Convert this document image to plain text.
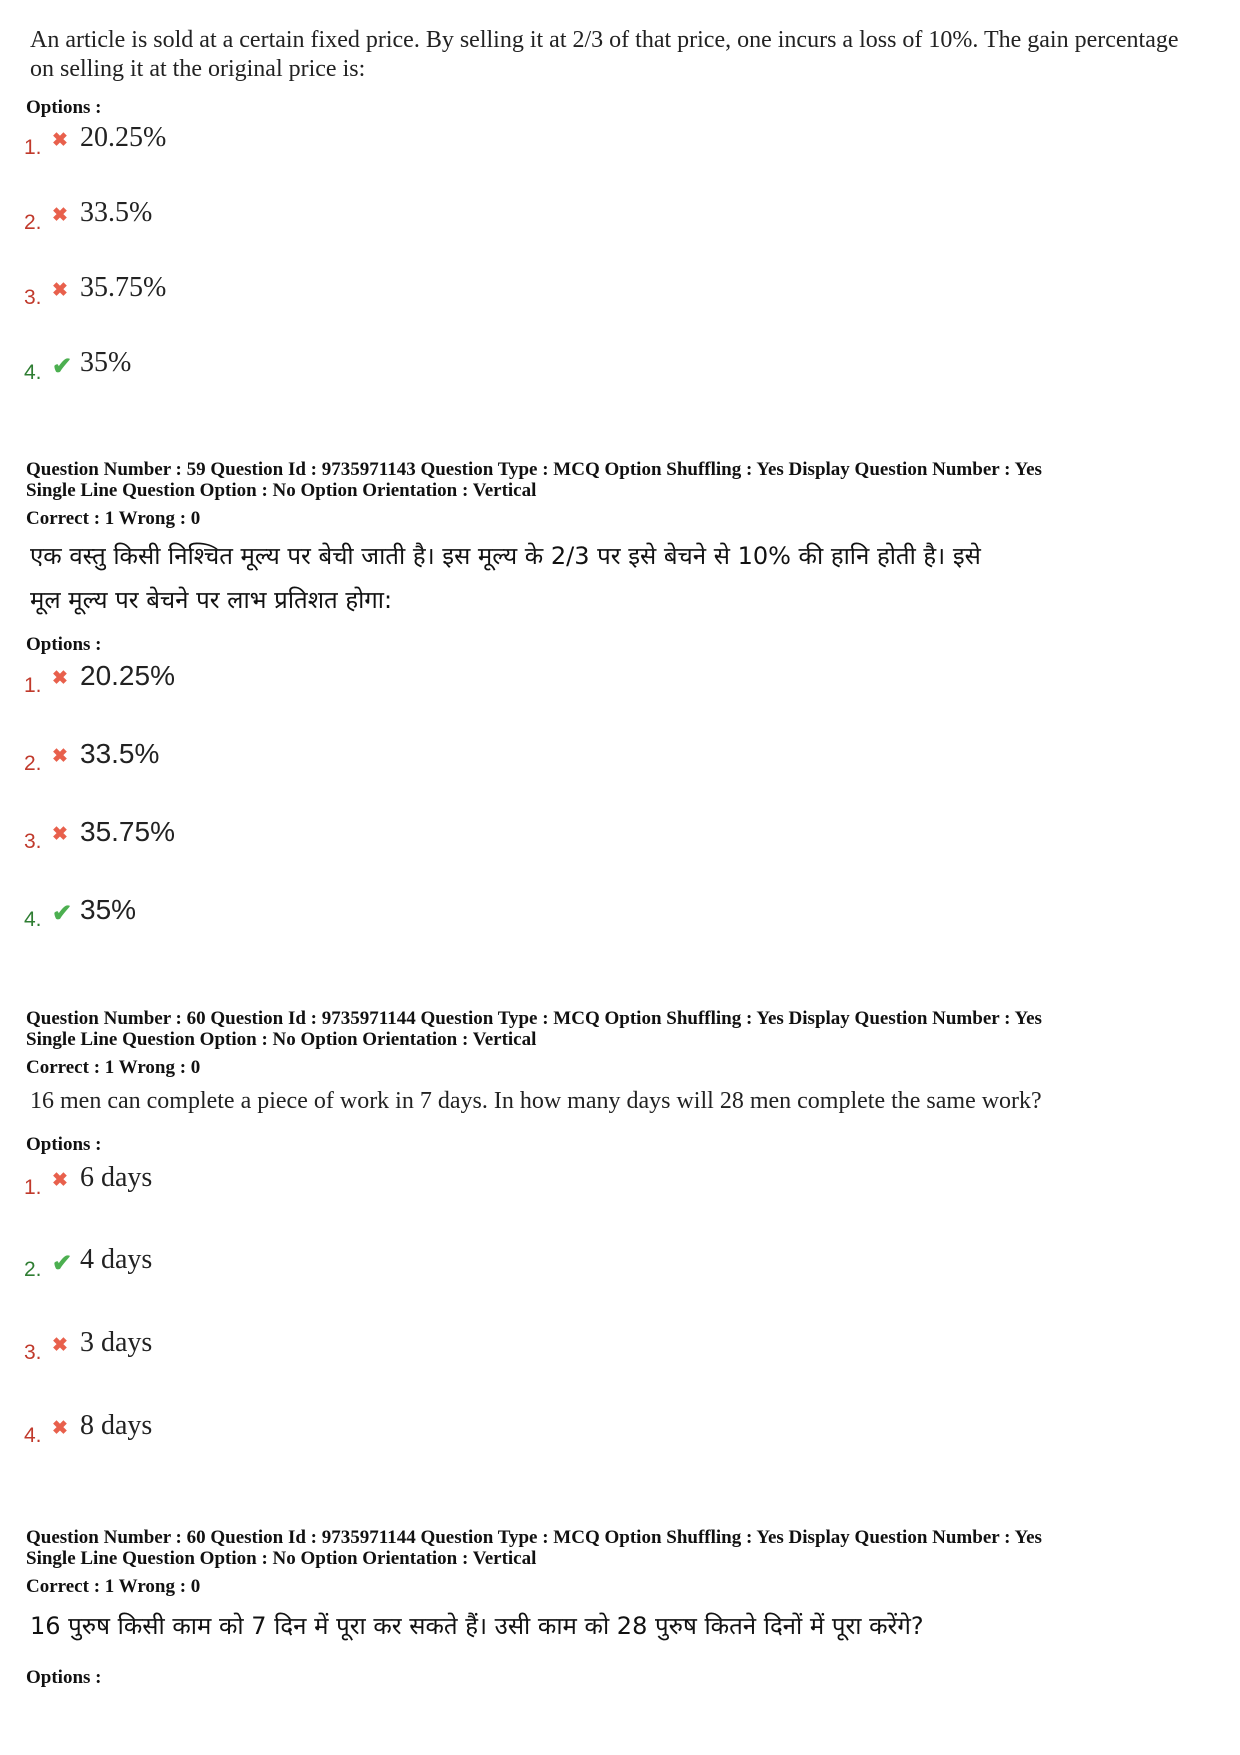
An article is sold at a certain fixed price. By selling it at 2/3 of that price, one incurs a loss of 10%. The gain percentage
on selling it at the original price is:
Options :
1. ✖ 20.25%
2. ✖ 33.5%
3. ✖ 35.75%
4. ✔ 35%
Question Number : 59 Question Id : 9735971143 Question Type : MCQ Option Shuffling : Yes Display Question Number : Yes
Single Line Question Option : No Option Orientation : Vertical
Correct : 1 Wrong : 0
एक वस्तु किसी निश्चित मूल्य पर बेची जाती है। इस मूल्य के 2/3 पर इसे बेचने से 10% की हानि होती है। इसे
मूल मूल्य पर बेचने पर लाभ प्रतिशत होगा:
Options :
1. ✖ 20.25%
2. ✖ 33.5%
3. ✖ 35.75%
4. ✔ 35%
Question Number : 60 Question Id : 9735971144 Question Type : MCQ Option Shuffling : Yes Display Question Number : Yes
Single Line Question Option : No Option Orientation : Vertical
Correct : 1 Wrong : 0
16 men can complete a piece of work in 7 days. In how many days will 28 men complete the same work?
Options :
1. ✖ 6 days
2. ✔ 4 days
3. ✖ 3 days
4. ✖ 8 days
Question Number : 60 Question Id : 9735971144 Question Type : MCQ Option Shuffling : Yes Display Question Number : Yes
Single Line Question Option : No Option Orientation : Vertical
Correct : 1 Wrong : 0
16 पुरुष किसी काम को 7 दिन में पूरा कर सकते हैं। उसी काम को 28 पुरुष कितने दिनों में पूरा करेंगे?
Options :
